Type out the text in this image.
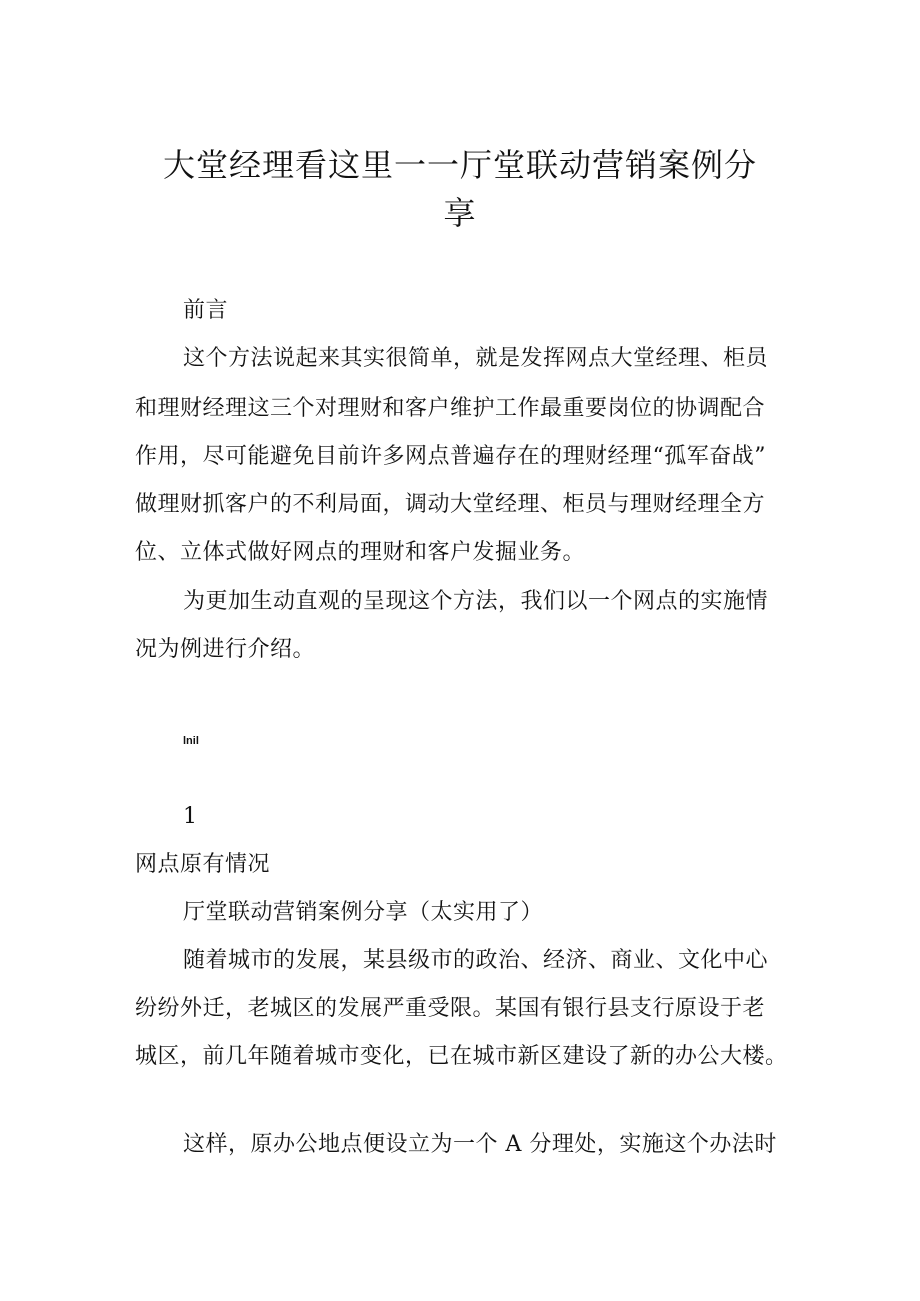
大堂经理看这里一一厅堂联动营销案例分
享
前言
这个方法说起来其实很简单，就是发挥网点大堂经理、柜员
和理财经理这三个对理财和客户维护工作最重要岗位的协调配合
作用，尽可能避免目前许多网点普遍存在的理财经理“孤军奋战”
做理财抓客户的不利局面，调动大堂经理、柜员与理财经理全方
位、立体式做好网点的理财和客户发掘业务。
为更加生动直观的呈现这个方法，我们以一个网点的实施情
况为例进行介绍。
lnil
1
网点原有情况
厅堂联动营销案例分享（太实用了）
随着城市的发展，某县级市的政治、经济、商业、文化中心
纷纷外迁，老城区的发展严重受限。某国有银行县支行原设于老
城区，前几年随着城市变化，已在城市新区建设了新的办公大楼。
这样，原办公地点便设立为一个 A 分理处，实施这个办法时
